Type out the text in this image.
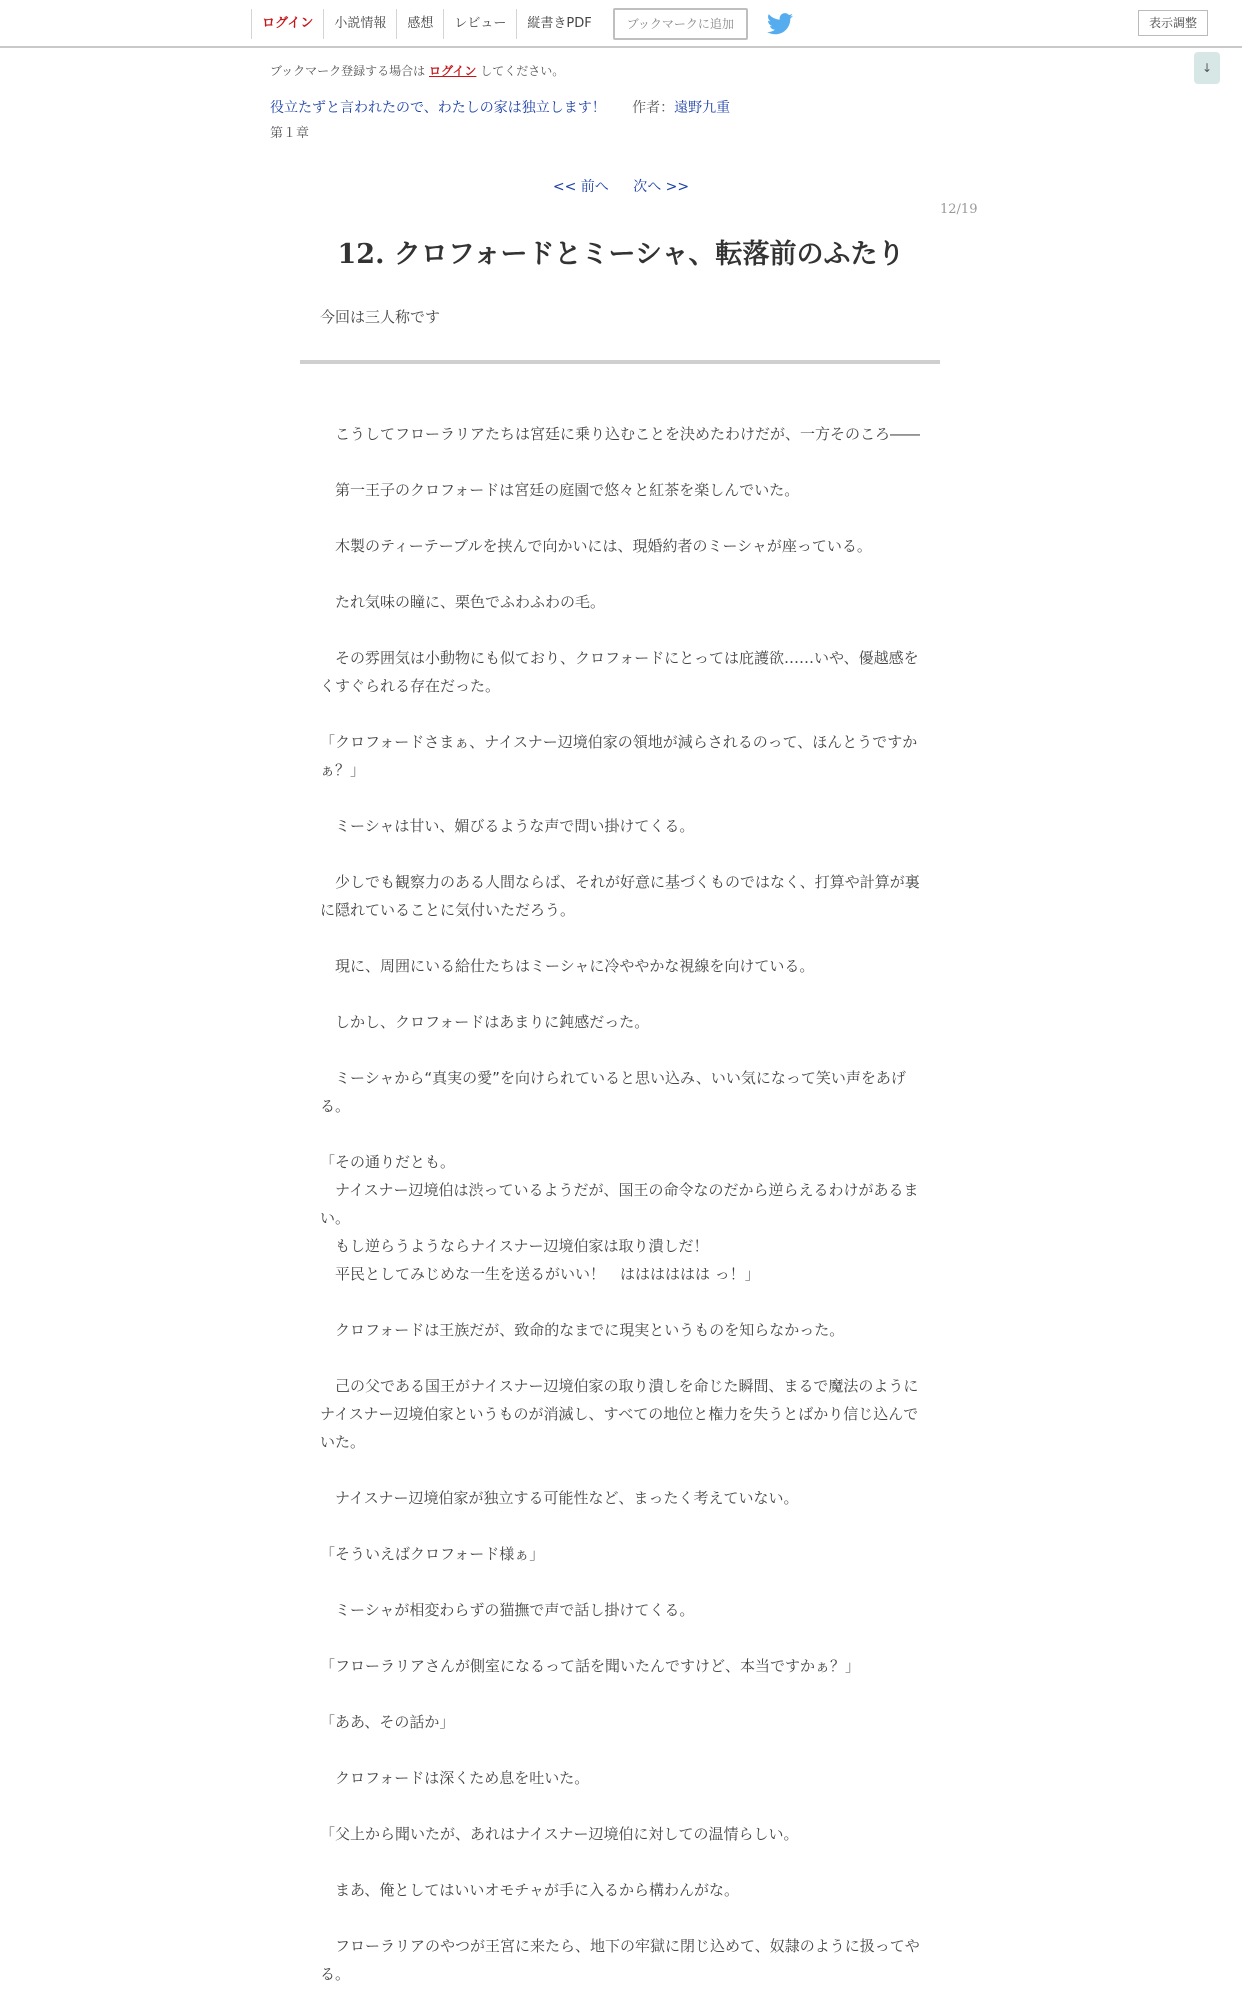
ログイン	小説情報	感想	レビュー	縦書きPDF	ブックマークに追加	表示調整
↓
ブックマーク登録する場合は ログイン してください。
役立たずと言われたので、わたしの家は独立します！ 作者：遠野九重
第１章
<< 前へ 次へ >>
12/19
12. クロフォードとミーシャ、転落前のふたり
今回は三人称です

　こうしてフローラリアたちは宮廷に乗り込むことを決めたわけだが、一方そのころ――

　第一王子のクロフォードは宮廷の庭園で悠々と紅茶を楽しんでいた。

　木製のティーテーブルを挟んで向かいには、現婚約者のミーシャが座っている。

　たれ気味の瞳に、栗色でふわふわの毛。

　その雰囲気は小動物にも似ており、クロフォードにとっては庇護欲……いや、優越感をくすぐられる存在だった。

「クロフォードさまぁ、ナイスナー辺境伯家の領地が減らされるのって、ほんとうですかぁ？」

　ミーシャは甘い、媚びるような声で問い掛けてくる。

　少しでも観察力のある人間ならば、それが好意に基づくものではなく、打算や計算が裏に隠れていることに気付いただろう。

　現に、周囲にいる給仕たちはミーシャに冷ややかな視線を向けている。

　しかし、クロフォードはあまりに鈍感だった。

　ミーシャから“真実の愛”を向けられていると思い込み、いい気になって笑い声をあげる。

「その通りだとも。
　ナイスナー辺境伯は渋っているようだが、国王の命令なのだから逆らえるわけがあるまい。
　もし逆らうようならナイスナー辺境伯家は取り潰しだ！
　平民としてみじめな一生を送るがいい！　はははははは っ！」

　クロフォードは王族だが、致命的なまでに現実というものを知らなかった。

　己の父である国王がナイスナー辺境伯家の取り潰しを命じた瞬間、まるで魔法のようにナイスナー辺境伯家というものが消滅し、すべての地位と権力を失うとばかり信じ込んでいた。

　ナイスナー辺境伯家が独立する可能性など、まったく考えていない。

「そういえばクロフォード様ぁ」

　ミーシャが相変わらずの猫撫で声で話し掛けてくる。

「フローラリアさんが側室になるって話を聞いたんですけど、本当ですかぁ？」

「ああ、その話か」

　クロフォードは深くため息を吐いた。

「父上から聞いたが、あれはナイスナー辺境伯に対しての温情らしい。

　まあ、俺としてはいいオモチャが手に入るから構わんがな。

　フローラリアのやつが王宮に来たら、地下の牢獄に閉じ込めて、奴隷のように扱ってやる。
